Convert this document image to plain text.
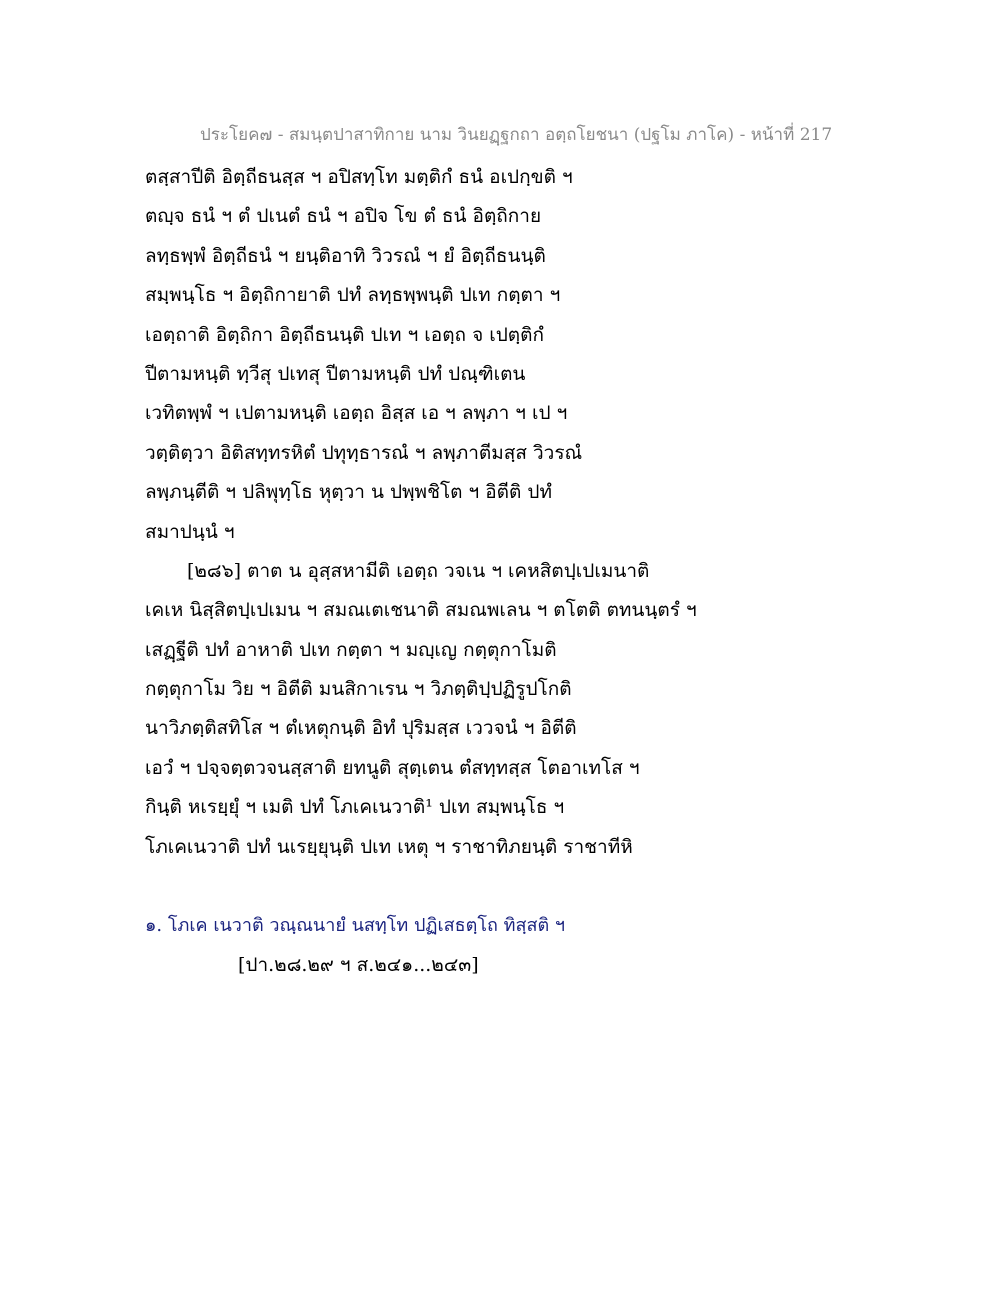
ประโยค๗ - สมนฺตปาสาทิกาย นาม วินยฏฺฐกถา อตฺถโยชนา (ปฐโม ภาโค) - หน้าที่ 217
ตสฺสาปีติ อิตฺถีธนสฺส ฯ อปิสทฺโท มตฺติกํ ธนํ อเปกฺขติ ฯ
ตญฺจ ธนํ ฯ ตํ ปเนตํ ธนํ ฯ อปิจ โข ตํ ธนํ อิตฺถิกาย
ลทฺธพฺพํ อิตฺถีธนํ ฯ ยนฺติอาทิ วิวรณํ ฯ ยํ อิตฺถีธนนฺติ
สมฺพนฺโธ ฯ อิตฺถิกายาติ ปทํ ลทฺธพฺพนฺติ ปเท กตฺตา ฯ
เอตฺถาติ อิตฺถิกา อิตฺถีธนนฺติ ปเท ฯ เอตฺถ จ เปตฺติกํ
ปีตามหนฺติ ทฺวีสุ ปเทสุ ปีตามหนฺติ ปทํ ปณฺฑิเตน
เวทิตพฺพํ ฯ เปตามหนฺติ เอตฺถ อิสฺส เอ ฯ ลพฺภา ฯ เป ฯ
วตฺติตฺวา อิติสทฺทรหิตํ ปทุทฺธารณํ ฯ ลพฺภาตีมสฺส วิวรณํ
ลพฺภนฺตีติ ฯ ปลิพุทฺโธ หุตฺวา น ปพฺพชิโต ฯ อิตีติ ปทํ
สมาปนฺนํ ฯ
[๒๘๖] ตาต น อุสฺสหามีติ เอตฺถ วจเน ฯ เคหสิตปฺเปเมนาติ
เคเห นิสฺสิตปฺเปเมน ฯ สมณเตเชนาติ สมณพเลน ฯ ตโตติ ตทนนฺตรํ ฯ
เสฏฺฐีติ ปทํ อาหาติ ปเท กตฺตา ฯ มญฺเญ กตฺตุกาโมติ
กตฺตุกาโม วิย ฯ อิตีติ มนสิกาเรน ฯ วิภตฺติปฺปฏิรูปโกติ
นาวิภตฺติสทิโส ฯ ตํเหตุกนฺติ อิทํ ปุริมสฺส เววจนํ ฯ อิตีติ
เอวํ ฯ ปจฺจตฺตวจนสฺสาติ ยทนูติ สุตฺเตน ตํสทฺทสฺส โตอาเทโส ฯ
กินฺติ หเรยฺยุํ ฯ เมติ ปทํ โภเคเนวาติ¹ ปเท สมฺพนฺโธ ฯ
โภเคเนวาติ ปทํ นเรยฺยุนฺติ ปเท เหตุ ฯ ราชาทิภยนฺติ ราชาทีหิ
๑. โภเค เนวาติ วณฺณนายํ นสทฺโท ปฏิเสธตฺโถ ทิสฺสติ ฯ
[ปา.๒๘.๒๙ ฯ ส.๒๔๑...๒๔๓]
